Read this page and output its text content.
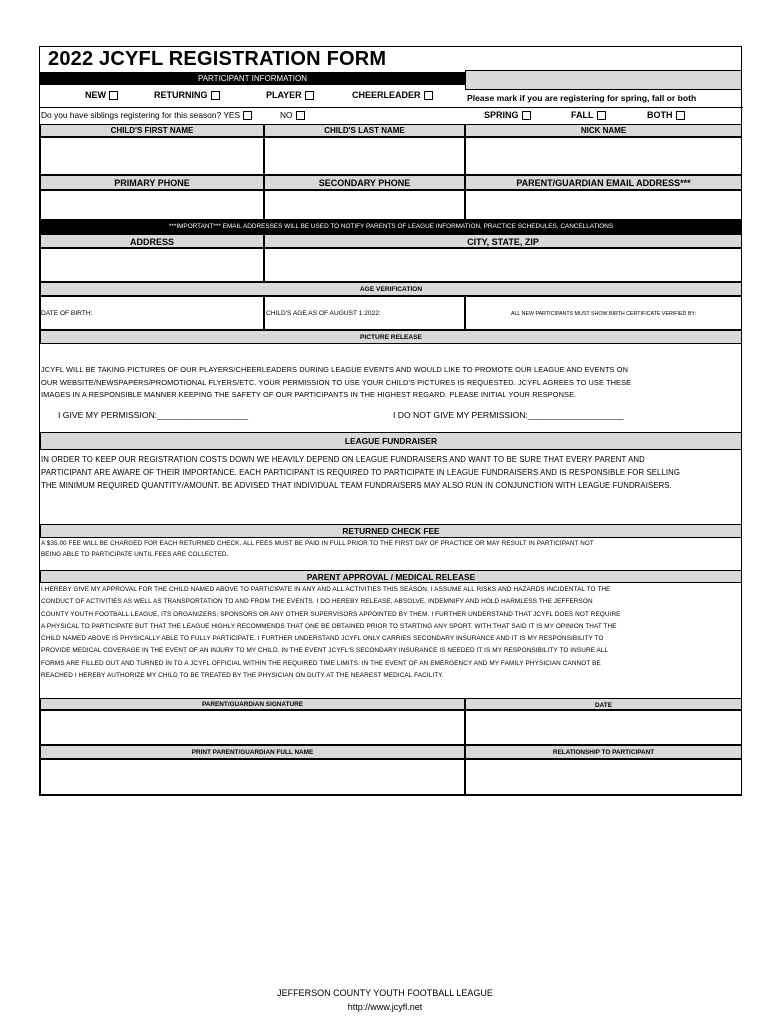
2022 JCYFL REGISTRATION FORM
PARTICIPANT INFORMATION
NEW	RETURNING	PLAYER	CHEERLEADER	Please mark if you are registering for spring, fall or both
Do you have siblings registering for this season? YES	NO	SPRING	FALL	BOTH
CHILD'S FIRST NAME	CHILD'S LAST NAME	NICK NAME
PRIMARY PHONE	SECONDARY PHONE	PARENT/GUARDIAN EMAIL ADDRESS***
***IMPORTANT*** EMAIL ADDRESSES WILL BE USED TO NOTIFY PARENTS OF LEAGUE INFORMATION, PRACTICE SCHEDULES, CANCELLATIONS
ADDRESS	CITY, STATE, ZIP
AGE VERIFICATION
DATE OF BIRTH:	CHILD'S AGE AS OF AUGUST 1 2022:	ALL NEW PARTICIPANTS MUST SHOW BIRTH CERTIFICATE VERIFIED BY:
PICTURE RELEASE
JCYFL WILL BE TAKING PICTURES OF OUR PLAYERS/CHEERLEADERS DURING LEAGUE EVENTS AND WOULD LIKE TO PROMOTE OUR LEAGUE AND EVENTS ON OUR WEBSITE/NEWSPAPERS/PROMOTIONAL FLYERS/ETC. YOUR PERMISSION TO USE YOUR CHILD'S PICTURES IS REQUESTED. JCYFL AGREES TO USE THESE IMAGES IN A RESPONSIBLE MANNER KEEPING THE SAFETY OF OUR PARTICIPANTS IN THE HIGHEST REGARD. PLEASE INITIAL YOUR RESPONSE.
I GIVE MY PERMISSION:___________________	I DO NOT GIVE MY PERMISSION:____________________
LEAGUE FUNDRAISER
IN ORDER TO KEEP OUR REGISTRATION COSTS DOWN WE HEAVILY DEPEND ON LEAGUE FUNDRAISERS AND WANT TO BE SURE THAT EVERY PARENT AND PARTICIPANT ARE AWARE OF THEIR IMPORTANCE. EACH PARTICIPANT IS REQUIRED TO PARTICIPATE IN LEAGUE FUNDRAISERS AND IS RESPONSIBLE FOR SELLING THE MINIMUM REQUIRED QUANTITY/AMOUNT. BE ADVISED THAT INDIVIDUAL TEAM FUNDRAISERS MAY ALSO RUN IN CONJUNCTION WITH LEAGUE FUNDRAISERS.
RETURNED CHECK FEE
A $35.00 FEE WILL BE CHARGED FOR EACH RETURNED CHECK. ALL FEES MUST BE PAID IN FULL PRIOR TO THE FIRST DAY OF PRACTICE OR MAY RESULT IN PARTICIPANT NOT BEING ABLE TO PARTICIPATE UNTIL FEES ARE COLLECTED.
PARENT APPROVAL / MEDICAL RELEASE
I HEREBY GIVE MY APPROVAL FOR THE CHILD NAMED ABOVE TO PARTICIPATE IN ANY AND ALL ACTIVITIES THIS SEASON. I ASSUME ALL RISKS AND HAZARDS INCIDENTAL TO THE CONDUCT OF ACTIVITIES AS WELL AS TRANSPORTATION TO AND FROM THE EVENTS. I DO HEREBY RELEASE, ABSOLVE, INDEMNIFY AND HOLD HARMLESS THE JEFFERSON COUNTY YOUTH FOOTBALL LEAGUE, ITS ORGANIZERS, SPONSORS OR ANY OTHER SUPERVISORS APPOINTED BY THEM. I FURTHER UNDERSTAND THAT JCYFL DOES NOT REQUIRE A PHYSICAL TO PARTICIPATE BUT THAT THE LEAGUE HIGHLY RECOMMENDS THAT ONE BE OBTAINED PRIOR TO STARTING ANY SPORT. WITH THAT SAID IT IS MY OPINION THAT THE CHILD NAMED ABOVE IS PHYSICALLY ABLE TO FULLY PARTICIPATE. I FURTHER UNDERSTAND JCYFL ONLY CARRIES SECONDARY INSURANCE AND IT IS MY RESPONSIBILITY TO PROVIDE MEDICAL COVERAGE IN THE EVENT OF AN INJURY TO MY CHILD. IN THE EVENT JCYFL'S SECONDARY INSURANCE IS NEEDED IT IS MY RESPONSIBILITY TO INSURE ALL FORMS ARE FILLED OUT AND TURNED IN TO A JCYFL OFFICIAL WITHIN THE REQUIRED TIME LIMITS. IN THE EVENT OF AN EMERGENCY AND MY FAMILY PHYSICIAN CANNOT BE REACHED I HEREBY AUTHORIZE MY CHILD TO BE TREATED BY THE PHYSICIAN ON DUTY AT THE NEAREST MEDICAL FACILITY.
PARENT/GUARDIAN SIGNATURE	DATE
PRINT PARENT/GUARDIAN FULL NAME	RELATIONSHIP TO PARTICIPANT
JEFFERSON COUNTY YOUTH FOOTBALL LEAGUE
http://www.jcyfl.net
